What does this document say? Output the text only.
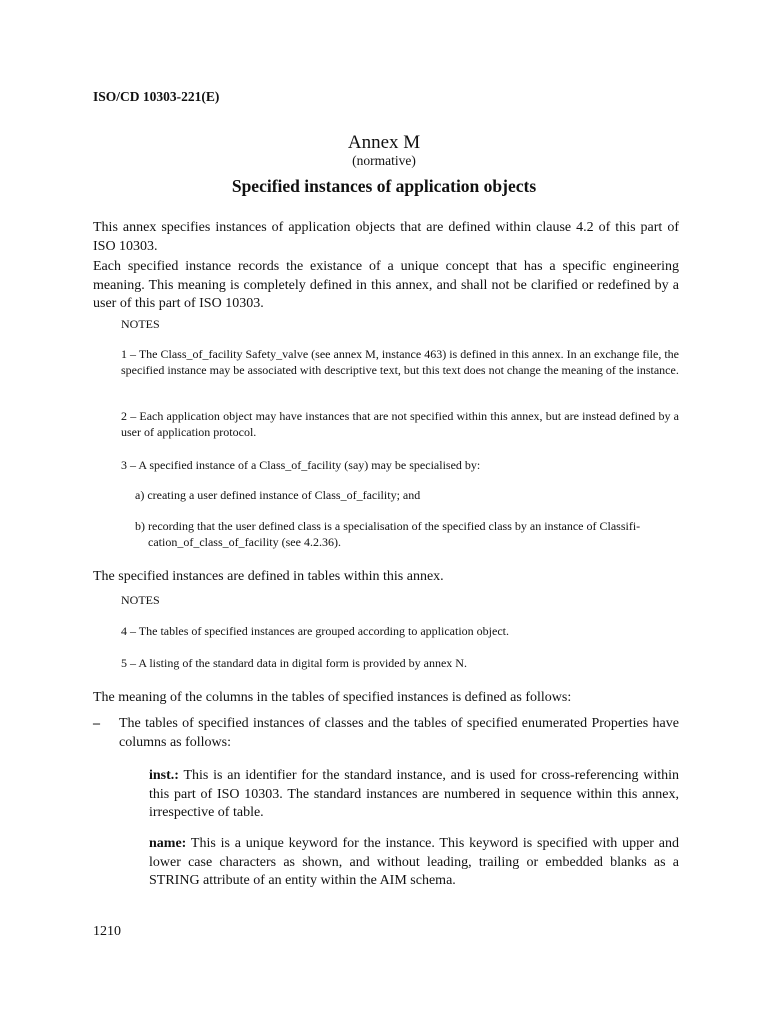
ISO/CD 10303-221(E)
Annex M
(normative)
Specified instances of application objects
This annex specifies instances of application objects that are defined within clause 4.2 of this part of ISO 10303.
Each specified instance records the existance of a unique concept that has a specific engineering meaning. This meaning is completely defined in this annex, and shall not be clarified or redefined by a user of this part of ISO 10303.
NOTES
1 – The Class_of_facility Safety_valve (see annex M, instance 463) is defined in this annex. In an exchange file, the specified instance may be associated with descriptive text, but this text does not change the meaning of the instance.
2 – Each application object may have instances that are not specified within this annex, but are instead defined by a user of application protocol.
3 – A specified instance of a Class_of_facility (say) may be specialised by:
a) creating a user defined instance of Class_of_facility; and
b) recording that the user defined class is a specialisation of the specified class by an instance of Classifi-
cation_of_class_of_facility (see 4.2.36).
The specified instances are defined in tables within this annex.
NOTES
4 – The tables of specified instances are grouped according to application object.
5 – A listing of the standard data in digital form is provided by annex N.
The meaning of the columns in the tables of specified instances is defined as follows:
–	The tables of specified instances of classes and the tables of specified enumerated Properties have columns as follows:
inst.: This is an identifier for the standard instance, and is used for cross-referencing within this part of ISO 10303. The standard instances are numbered in sequence within this annex, irrespective of table.
name: This is a unique keyword for the instance. This keyword is specified with upper and lower case characters as shown, and without leading, trailing or embedded blanks as a STRING attribute of an entity within the AIM schema.
1210
